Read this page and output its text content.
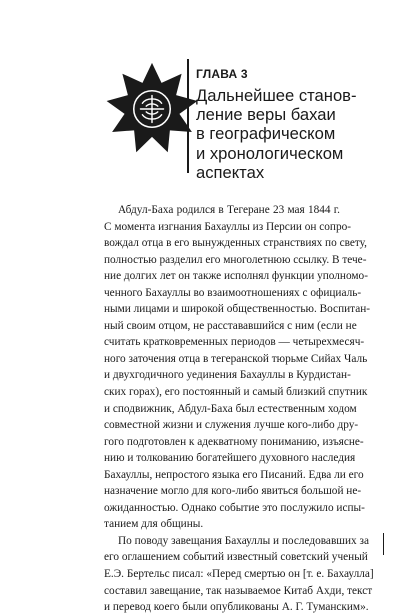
ГЛАВА 3
Дальнейшее станов-
ление веры бахаи
в географическом
и хронологическом
аспектах
Абдул-Баха родился в Тегеране 23 мая 1844 г.
С момента изгнания Бахауллы из Персии он сопро-
вождал отца в его вынужденных странствиях по свету,
полностью разделил его многолетнюю ссылку. В тече-
ние долгих лет он также исполнял функции уполномо-
ченного Бахауллы во взаимоотношениях с официаль-
ными лицами и широкой общественностью. Воспитан-
ный своим отцом, не расстававшийся с ним (если не
считать кратковременных периодов — четырехмесяч-
ного заточения отца в тегеранской тюрьме Сийах Чаль
и двухгодичного уединения Бахауллы в Курдистан-
ских горах), его постоянный и самый близкий спутник
и сподвижник, Абдул-Баха был естественным ходом
совместной жизни и служения лучше кого-либо дру-
гого подготовлен к адекватному пониманию, изъясне-
нию и толкованию богатейшего духовного наследия
Бахауллы, непростого языка его Писаний. Едва ли его
назначение могло для кого-либо явиться большой не-
ожиданностью. Однако событие это послужило испы-
танием для общины.
По поводу завещания Бахауллы и последовавших за
его оглашением событий известный советский ученый
Е.Э. Бертельс писал: «Перед смертью он [т. е. Бахаулла]
составил завещание, так называемое Китаб Ахди, текст
и перевод коего были опубликованы А. Г. Туманским».
